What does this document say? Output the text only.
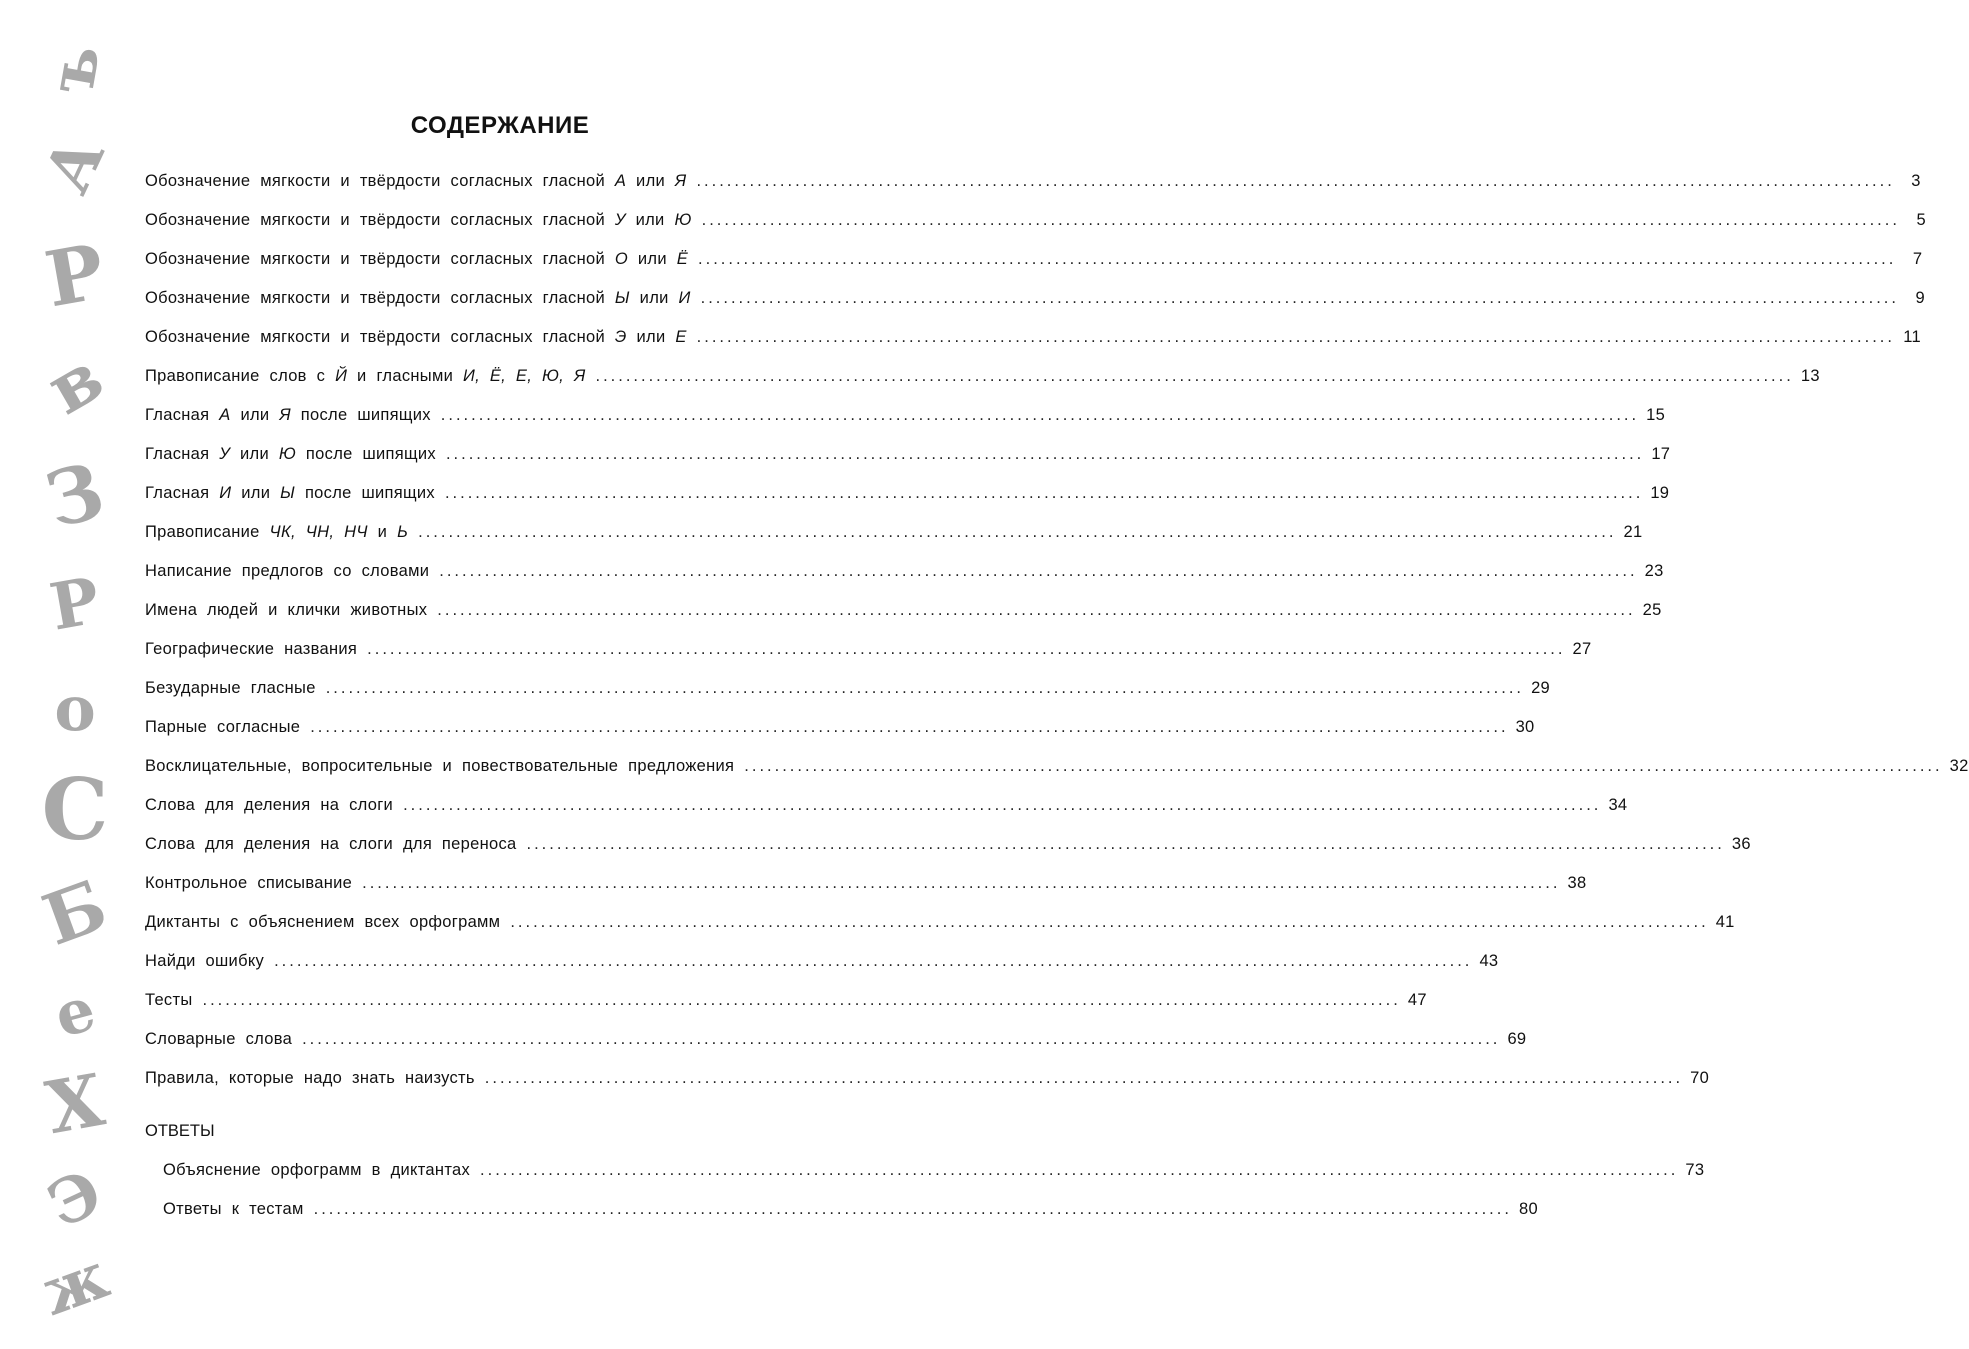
ъ
А
Р
в
З
Р
о
С
Б
е
Х
Э
ж
СОДЕРЖАНИЕ
Обозначение мягкости и твёрдости согласных гласной А или Я ..............................................................................................................................................................	3
Обозначение мягкости и твёрдости согласных гласной У или Ю ..............................................................................................................................................................	5
Обозначение мягкости и твёрдости согласных гласной О или Ё ..............................................................................................................................................................	7
Обозначение мягкости и твёрдости согласных гласной Ы или И ..............................................................................................................................................................	9
Обозначение мягкости и твёрдости согласных гласной Э или Е .............................................................................................................................................................. 11
Правописание слов с Й и гласными И, Ё, Е, Ю, Я .............................................................................................................................................................. 13
Гласная А или Я после шипящих .............................................................................................................................................................. 15
Гласная У или Ю после шипящих .............................................................................................................................................................. 17
Гласная И или Ы после шипящих .............................................................................................................................................................. 19
Правописание ЧК, ЧН, НЧ и Ь .............................................................................................................................................................. 21
Написание предлогов со словами .............................................................................................................................................................. 23
Имена людей и клички животных .............................................................................................................................................................. 25
Географические названия .............................................................................................................................................................. 27
Безударные гласные .............................................................................................................................................................. 29
Парные согласные .............................................................................................................................................................. 30
Восклицательные, вопросительные и повествовательные предложения .............................................................................................................................................................. 32
Слова для деления на слоги .............................................................................................................................................................. 34
Слова для деления на слоги для переноса .............................................................................................................................................................. 36
Контрольное списывание .............................................................................................................................................................. 38
Диктанты с объяснением всех орфограмм .............................................................................................................................................................. 41
Найди ошибку .............................................................................................................................................................. 43
Тесты .............................................................................................................................................................. 47
Словарные слова .............................................................................................................................................................. 69
Правила, которые надо знать наизусть .............................................................................................................................................................. 70
ОТВЕТЫ
Объяснение орфограмм в диктантах .............................................................................................................................................................. 73
Ответы к тестам .............................................................................................................................................................. 80
